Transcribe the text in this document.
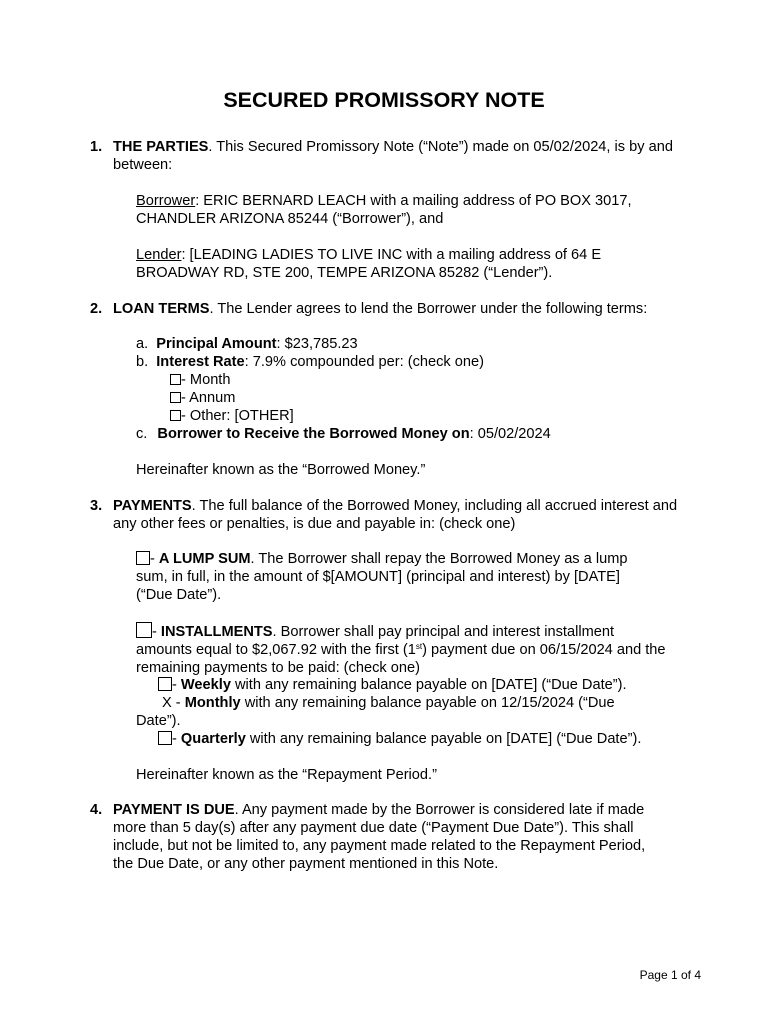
SECURED PROMISSORY NOTE
1. THE PARTIES. This Secured Promissory Note (“Note”) made on 05/02/2024, is by and between:
Borrower: ERIC BERNARD LEACH with a mailing address of PO BOX 3017, CHANDLER ARIZONA 85244 (“Borrower”), and
Lender: [LEADING LADIES TO LIVE INC with a mailing address of 64 E BROADWAY RD, STE 200, TEMPE ARIZONA 85282 (“Lender”).
2. LOAN TERMS. The Lender agrees to lend the Borrower under the following terms:
a. Principal Amount: $23,785.23
b. Interest Rate: 7.9% compounded per: (check one)
- Month
- Annum
- Other: [OTHER]
c. Borrower to Receive the Borrowed Money on: 05/02/2024
Hereinafter known as the “Borrowed Money.”
3. PAYMENTS. The full balance of the Borrowed Money, including all accrued interest and any other fees or penalties, is due and payable in: (check one)
- A LUMP SUM. The Borrower shall repay the Borrowed Money as a lump sum, in full, in the amount of $[AMOUNT] (principal and interest) by [DATE] (“Due Date”).
- INSTALLMENTS. Borrower shall pay principal and interest installment amounts equal to $2,067.92 with the first (1st) payment due on 06/15/2024 and the remaining payments to be paid: (check one)
- Weekly with any remaining balance payable on [DATE] (“Due Date”).
X - Monthly with any remaining balance payable on 12/15/2024 (“Due
Date”).
- Quarterly with any remaining balance payable on [DATE] (“Due Date”).
Hereinafter known as the “Repayment Period.”
4. PAYMENT IS DUE. Any payment made by the Borrower is considered late if made more than 5 day(s) after any payment due date (“Payment Due Date”). This shall include, but not be limited to, any payment made related to the Repayment Period, the Due Date, or any other payment mentioned in this Note.
Page 1 of 4
